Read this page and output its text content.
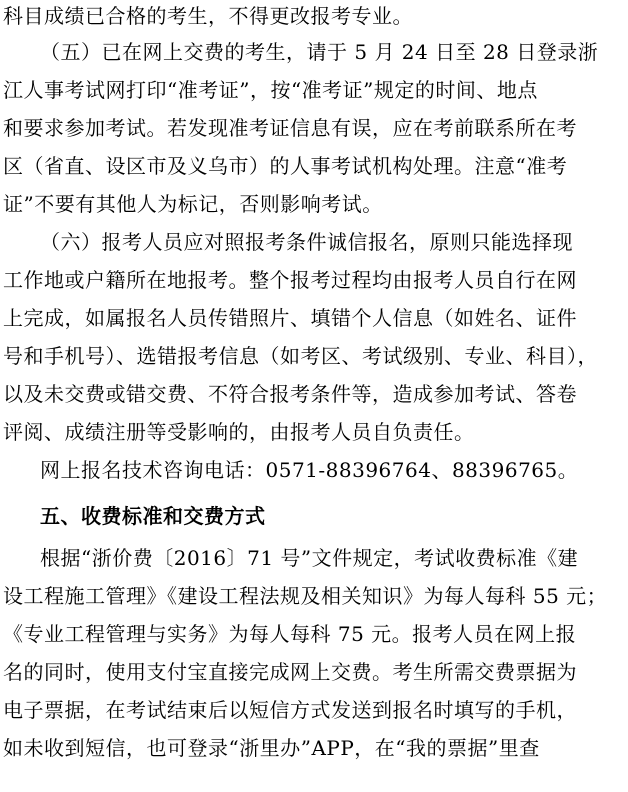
科目成绩已合格的考生，不得更改报考专业。
（五）已在网上交费的考生，请于 5 月 24 日至 28 日登录浙
江人事考试网打印“准考证”，按“准考证”规定的时间、地点
和要求参加考试。若发现准考证信息有误，应在考前联系所在考
区（省直、设区市及义乌市）的人事考试机构处理。注意“准考
证”不要有其他人为标记，否则影响考试。
（六）报考人员应对照报考条件诚信报名，原则只能选择现
工作地或户籍所在地报考。整个报考过程均由报考人员自行在网
上完成，如属报名人员传错照片、填错个人信息（如姓名、证件
号和手机号）、选错报考信息（如考区、考试级别、专业、科目），
以及未交费或错交费、不符合报考条件等，造成参加考试、答卷
评阅、成绩注册等受影响的，由报考人员自负责任。
网上报名技术咨询电话：0571-88396764、88396765。
五、收费标准和交费方式
根据“浙价费〔2016〕71 号”文件规定，考试收费标准《建
设工程施工管理》《建设工程法规及相关知识》为每人每科 55 元；
《专业工程管理与实务》为每人每科 75 元。报考人员在网上报
名的同时，使用支付宝直接完成网上交费。考生所需交费票据为
电子票据，在考试结束后以短信方式发送到报名时填写的手机，
如未收到短信，也可登录“浙里办”APP，在“我的票据”里查
